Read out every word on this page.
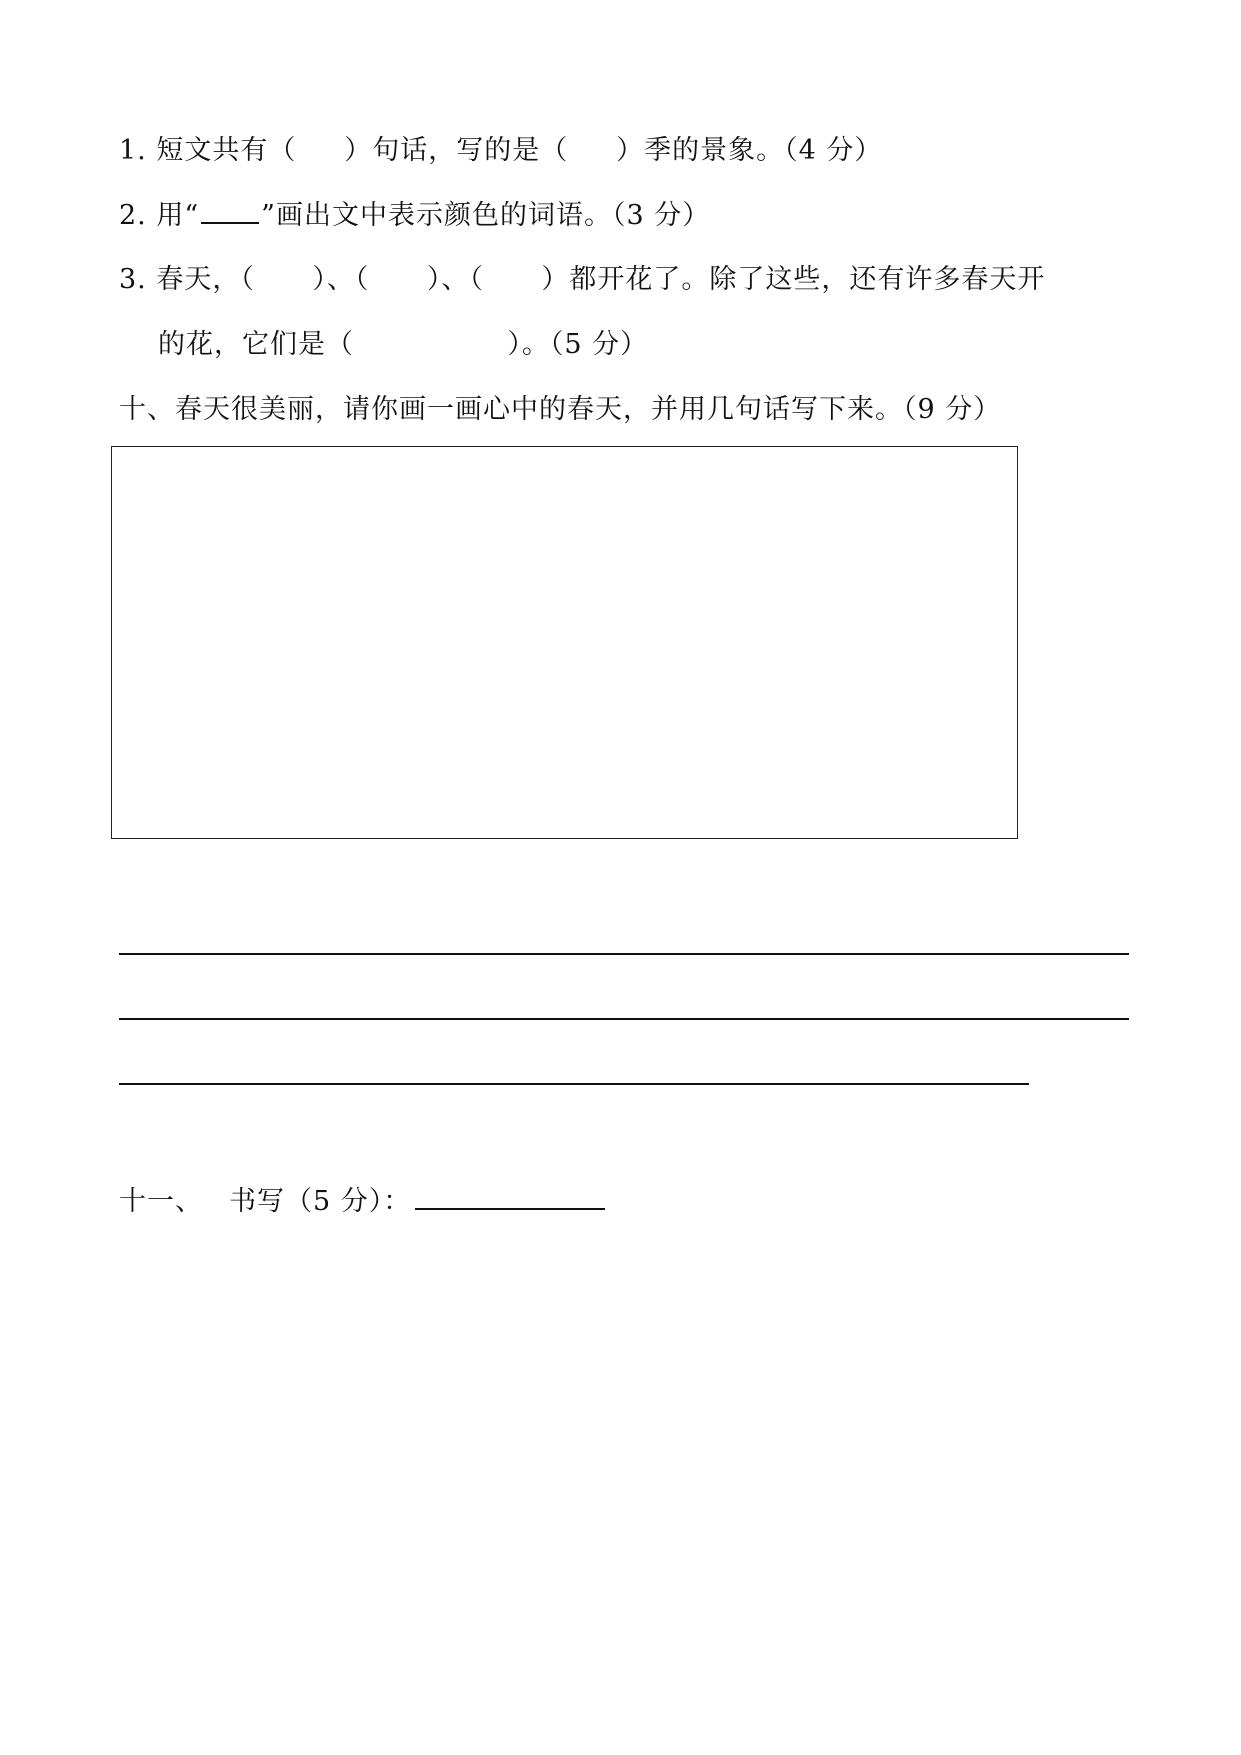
1. 短文共有（     ）句话，写的是（     ）季的景象。（4 分）
2. 用“ ”画出文中表示颜色的词语。（3 分）
3. 春天，（      ）、（      ）、（      ）都开花了。除了这些，还有许多春天开
的花，它们是（                ）。（5 分）
十、春天很美丽，请你画一画心中的春天，并用几句话写下来。（9 分）
十一、 书写（5 分）：
